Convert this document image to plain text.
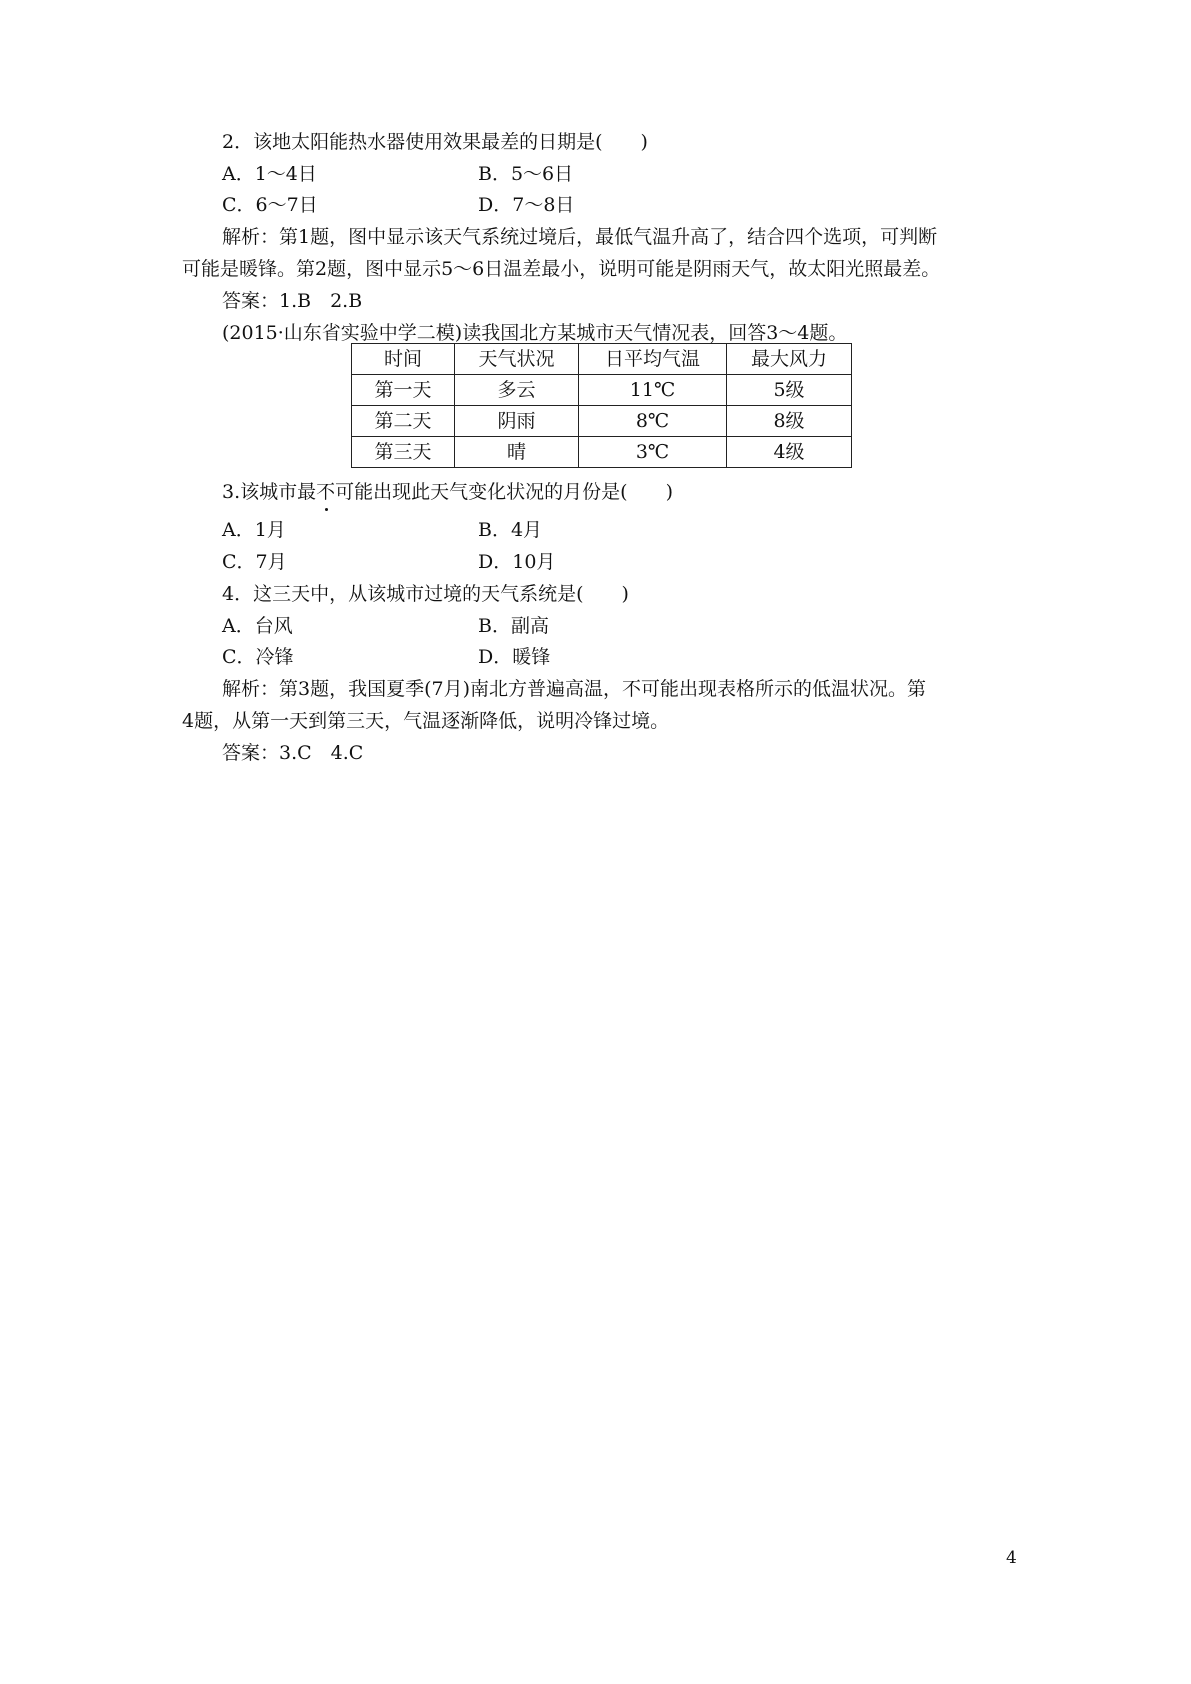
2．该地太阳能热水器使用效果最差的日期是(　　)
A．1～4日	B．5～6日
C．6～7日	D．7～8日
解析：第1题，图中显示该天气系统过境后，最低气温升高了，结合四个选项，可判断
可能是暖锋。第2题，图中显示5～6日温差最小，说明可能是阴雨天气，故太阳光照最差。
答案：1.B　2.B
(2015·山东省实验中学二模)读我国北方某城市天气情况表，回答3～4题。
时间	天气状况	日平均气温	最大风力
第一天	多云	11℃	5级
第二天	阴雨	8℃	8级
第三天	晴	3℃	4级
3.该城市最不可能出现此天气变化状况的月份是(　　)
A．1月	B．4月
C．7月	D．10月
4．这三天中，从该城市过境的天气系统是(　　)
A．台风	B．副高
C．冷锋	D．暖锋
解析：第3题，我国夏季(7月)南北方普遍高温，不可能出现表格所示的低温状况。第
4题，从第一天到第三天，气温逐渐降低，说明冷锋过境。
答案：3.C　4.C
4
